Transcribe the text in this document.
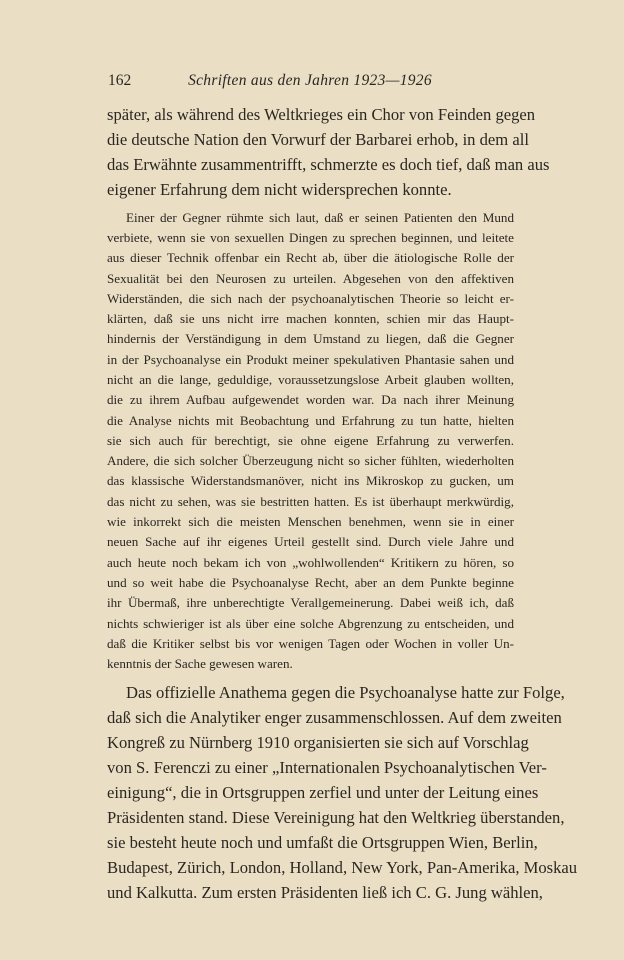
162	Schriften aus den Jahren 1923—1926

später, als während des Weltkrieges ein Chor von Feinden gegen
die deutsche Nation den Vorwurf der Barbarei erhob, in dem all
das Erwähnte zusammentrifft, schmerzte es doch tief, daß man aus
eigener Erfahrung dem nicht widersprechen konnte.

Einer der Gegner rühmte sich laut, daß er seinen Patienten den Mund
verbiete, wenn sie von sexuellen Dingen zu sprechen beginnen, und leitete
aus dieser Technik offenbar ein Recht ab, über die ätiologische Rolle der
Sexualität bei den Neurosen zu urteilen. Abgesehen von den affektiven
Widerständen, die sich nach der psychoanalytischen Theorie so leicht er-
klärten, daß sie uns nicht irre machen konnten, schien mir das Haupt-
hindernis der Verständigung in dem Umstand zu liegen, daß die Gegner
in der Psychoanalyse ein Produkt meiner spekulativen Phantasie sahen und
nicht an die lange, geduldige, voraussetzungslose Arbeit glauben wollten,
die zu ihrem Aufbau aufgewendet worden war. Da nach ihrer Meinung
die Analyse nichts mit Beobachtung und Erfahrung zu tun hatte, hielten
sie sich auch für berechtigt, sie ohne eigene Erfahrung zu verwerfen.
Andere, die sich solcher Überzeugung nicht so sicher fühlten, wiederholten
das klassische Widerstandsmanöver, nicht ins Mikroskop zu gucken, um
das nicht zu sehen, was sie bestritten hatten. Es ist überhaupt merkwürdig,
wie inkorrekt sich die meisten Menschen benehmen, wenn sie in einer
neuen Sache auf ihr eigenes Urteil gestellt sind. Durch viele Jahre und
auch heute noch bekam ich von „wohlwollenden“ Kritikern zu hören, so
und so weit habe die Psychoanalyse Recht, aber an dem Punkte beginne
ihr Übermaß, ihre unberechtigte Verallgemeinerung. Dabei weiß ich, daß
nichts schwieriger ist als über eine solche Abgrenzung zu entscheiden, und
daß die Kritiker selbst bis vor wenigen Tagen oder Wochen in voller Un-
kenntnis der Sache gewesen waren.

Das offizielle Anathema gegen die Psychoanalyse hatte zur Folge,
daß sich die Analytiker enger zusammenschlossen. Auf dem zweiten
Kongreß zu Nürnberg 1910 organisierten sie sich auf Vorschlag
von S. Ferenczi zu einer „Internationalen Psychoanalytischen Ver-
einigung“, die in Ortsgruppen zerfiel und unter der Leitung eines
Präsidenten stand. Diese Vereinigung hat den Weltkrieg überstanden,
sie besteht heute noch und umfaßt die Ortsgruppen Wien, Berlin,
Budapest, Zürich, London, Holland, New York, Pan-Amerika, Moskau
und Kalkutta. Zum ersten Präsidenten ließ ich C. G. Jung wählen,
